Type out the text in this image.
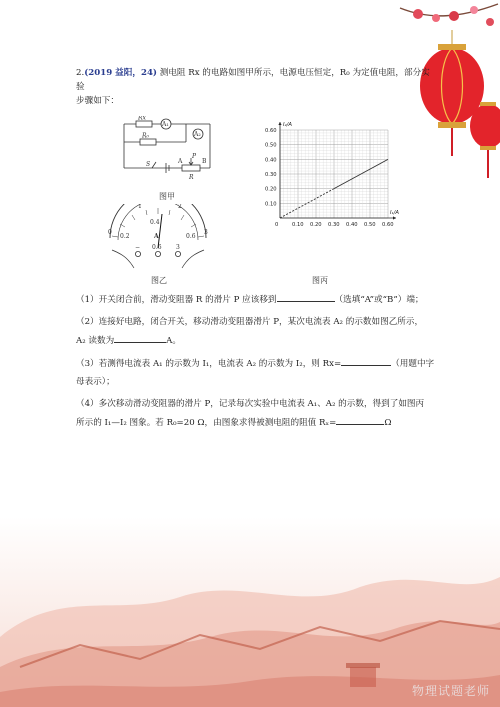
物理试题老师

2.(2019 益阳，24) 测电阻 Rx 的电路如图甲所示，电源电压恒定，R₀ 为定值电阻，部分实验
步骤如下：

Rx
R₀
A₁
A₂
S	A
P
B
R
图甲
0
1	2
3
0.2
0.4
0.6
A
− 0.6 3
图乙
0	0.10 0.20 0.30 0.40 0.50 0.60
0.10
0.20
0.30
0.40
0.50
0.60
I₁/A
I₂/A
图丙

（1）开关闭合前，滑动变阻器 R 的滑片 P 应该移到	（选填“A”或“B”）端；

（2）连接好电路，闭合开关，移动滑动变阻器滑片 P，某次电流表 A₂ 的示数如图乙所示，

A₂ 读数为	A。

（3）若测得电流表 A₁ 的示数为 I₁，电流表 A₂ 的示数为 I₂，则 Rx=	（用题中字

母表示）；

（4）多次移动滑动变阻器的滑片 P，记录每次实验中电流表 A₁、A₂ 的示数，得到了如图丙

所示的 I₁—I₂ 图象。若 R₀=20 Ω，由图象求得被测电阻的阻值 Rₓ=	Ω
